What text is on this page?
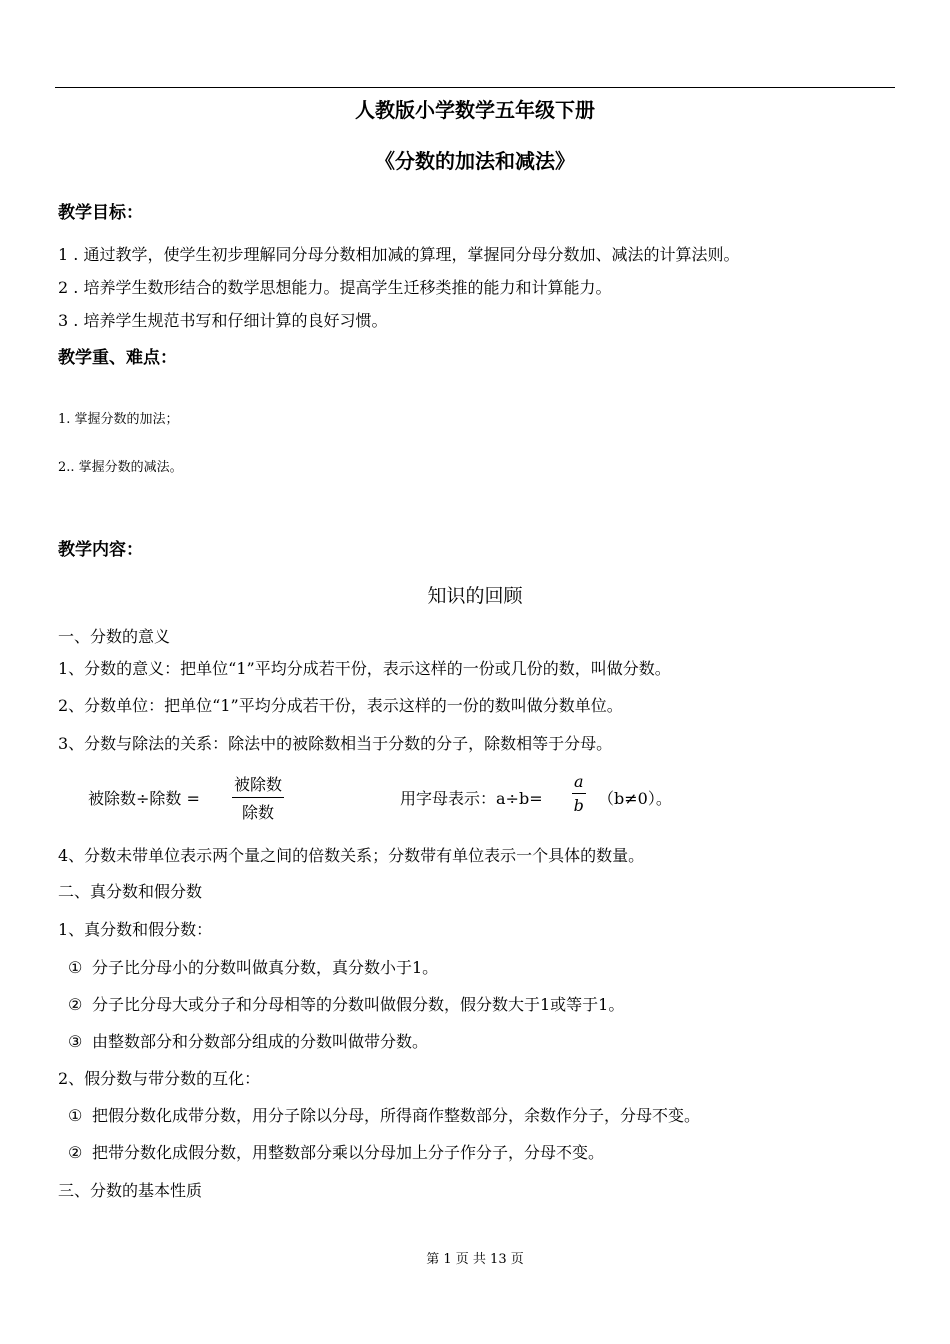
人教版小学数学五年级下册
《分数的加法和减法》
教学目标：
1 . 通过教学，使学生初步理解同分母分数相加减的算理，掌握同分母分数加、减法的计算法则。
2 . 培养学生数形结合的数学思想能力。提高学生迁移类推的能力和计算能力。
3 . 培养学生规范书写和仔细计算的良好习惯。
教学重、难点：
1. 掌握分数的加法；
2.. 掌握分数的减法。
教学内容：
知识的回顾
一、分数的意义
1、分数的意义：把单位“1”平均分成若干份，表示这样的一份或几份的数，叫做分数。
2、分数单位：把单位“1”平均分成若干份，表示这样的一份的数叫做分数单位。
3、分数与除法的关系：除法中的被除数相当于分数的分子，除数相等于分母。
被除数÷除数 =
被除数
除数
用字母表示：$a\div b= \frac{a}{b} (b\ne 0)$。
4、分数未带单位表示两个量之间的倍数关系；分数带有单位表示一个具体的数量。
二、真分数和假分数
1、真分数和假分数：
① 分子比分母小的分数叫做真分数，真分数小于1。
② 分子比分母大或分子和分母相等的分数叫做假分数，假分数大于1或等于1。
③ 由整数部分和分数部分组成的分数叫做带分数。
2、假分数与带分数的互化：
① 把假分数化成带分数，用分子除以分母，所得商作整数部分，余数作分子，分母不变。
② 把带分数化成假分数，用整数部分乘以分母加上分子作分子，分母不变。
三、分数的基本性质
第 1 页 共 13 页
